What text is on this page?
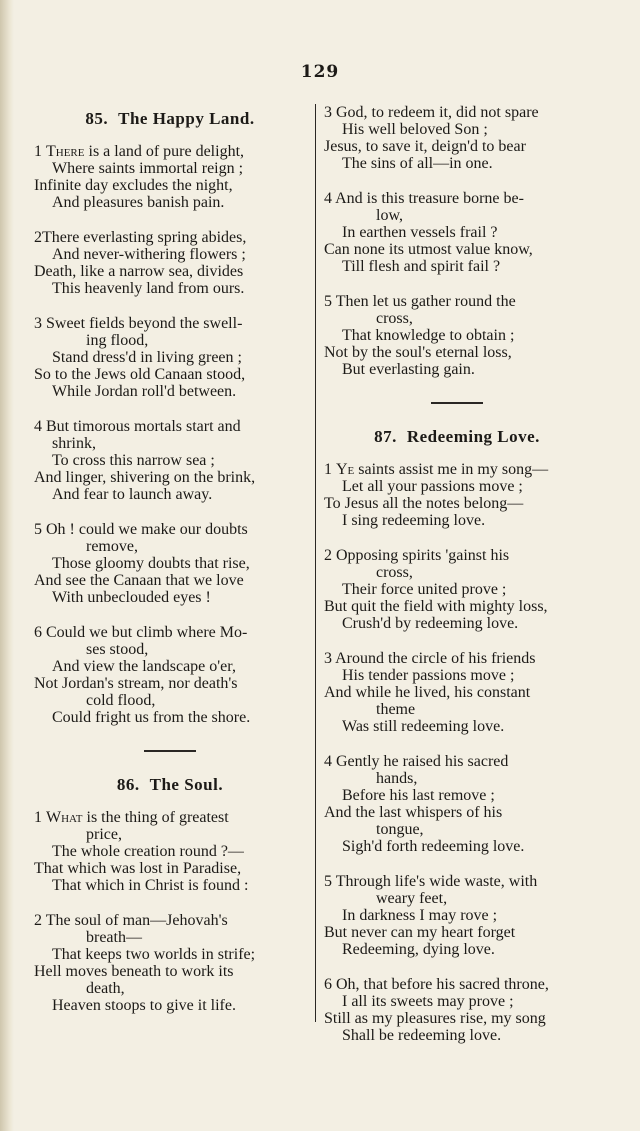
129
85. The Happy Land.
1 There is a land of pure delight,
Where saints immortal reign ;
Infinite day excludes the night,
And pleasures banish pain.
2There everlasting spring abides,
And never-withering flowers ;
Death, like a narrow sea, divides
This heavenly land from ours.
3 Sweet fields beyond the swell-
ing flood,
Stand dress'd in living green ;
So to the Jews old Canaan stood,
While Jordan roll'd between.
4 But timorous mortals start and
shrink,
To cross this narrow sea ;
And linger, shivering on the brink,
And fear to launch away.
5 Oh ! could we make our doubts
remove,
Those gloomy doubts that rise,
And see the Canaan that we love
With unbeclouded eyes !
6 Could we but climb where Mo-
ses stood,
And view the landscape o'er,
Not Jordan's stream, nor death's
cold flood,
Could fright us from the shore.
86. The Soul.
1 What is the thing of greatest
price,
The whole creation round ?—
That which was lost in Paradise,
That which in Christ is found :
2 The soul of man—Jehovah's
breath—
That keeps two worlds in strife;
Hell moves beneath to work its
death,
Heaven stoops to give it life.
3 God, to redeem it, did not spare
His well beloved Son ;
Jesus, to save it, deign'd to bear
The sins of all—in one.
4 And is this treasure borne be-
low,
In earthen vessels frail ?
Can none its utmost value know,
Till flesh and spirit fail ?
5 Then let us gather round the
cross,
That knowledge to obtain ;
Not by the soul's eternal loss,
But everlasting gain.
87. Redeeming Love.
1 Ye saints assist me in my song—
Let all your passions move ;
To Jesus all the notes belong—
I sing redeeming love.
2 Opposing spirits 'gainst his
cross,
Their force united prove ;
But quit the field with mighty loss,
Crush'd by redeeming love.
3 Around the circle of his friends
His tender passions move ;
And while he lived, his constant
theme
Was still redeeming love.
4 Gently he raised his sacred
hands,
Before his last remove ;
And the last whispers of his
tongue,
Sigh'd forth redeeming love.
5 Through life's wide waste, with
weary feet,
In darkness I may rove ;
But never can my heart forget
Redeeming, dying love.
6 Oh, that before his sacred throne,
I all its sweets may prove ;
Still as my pleasures rise, my song
Shall be redeeming love.
